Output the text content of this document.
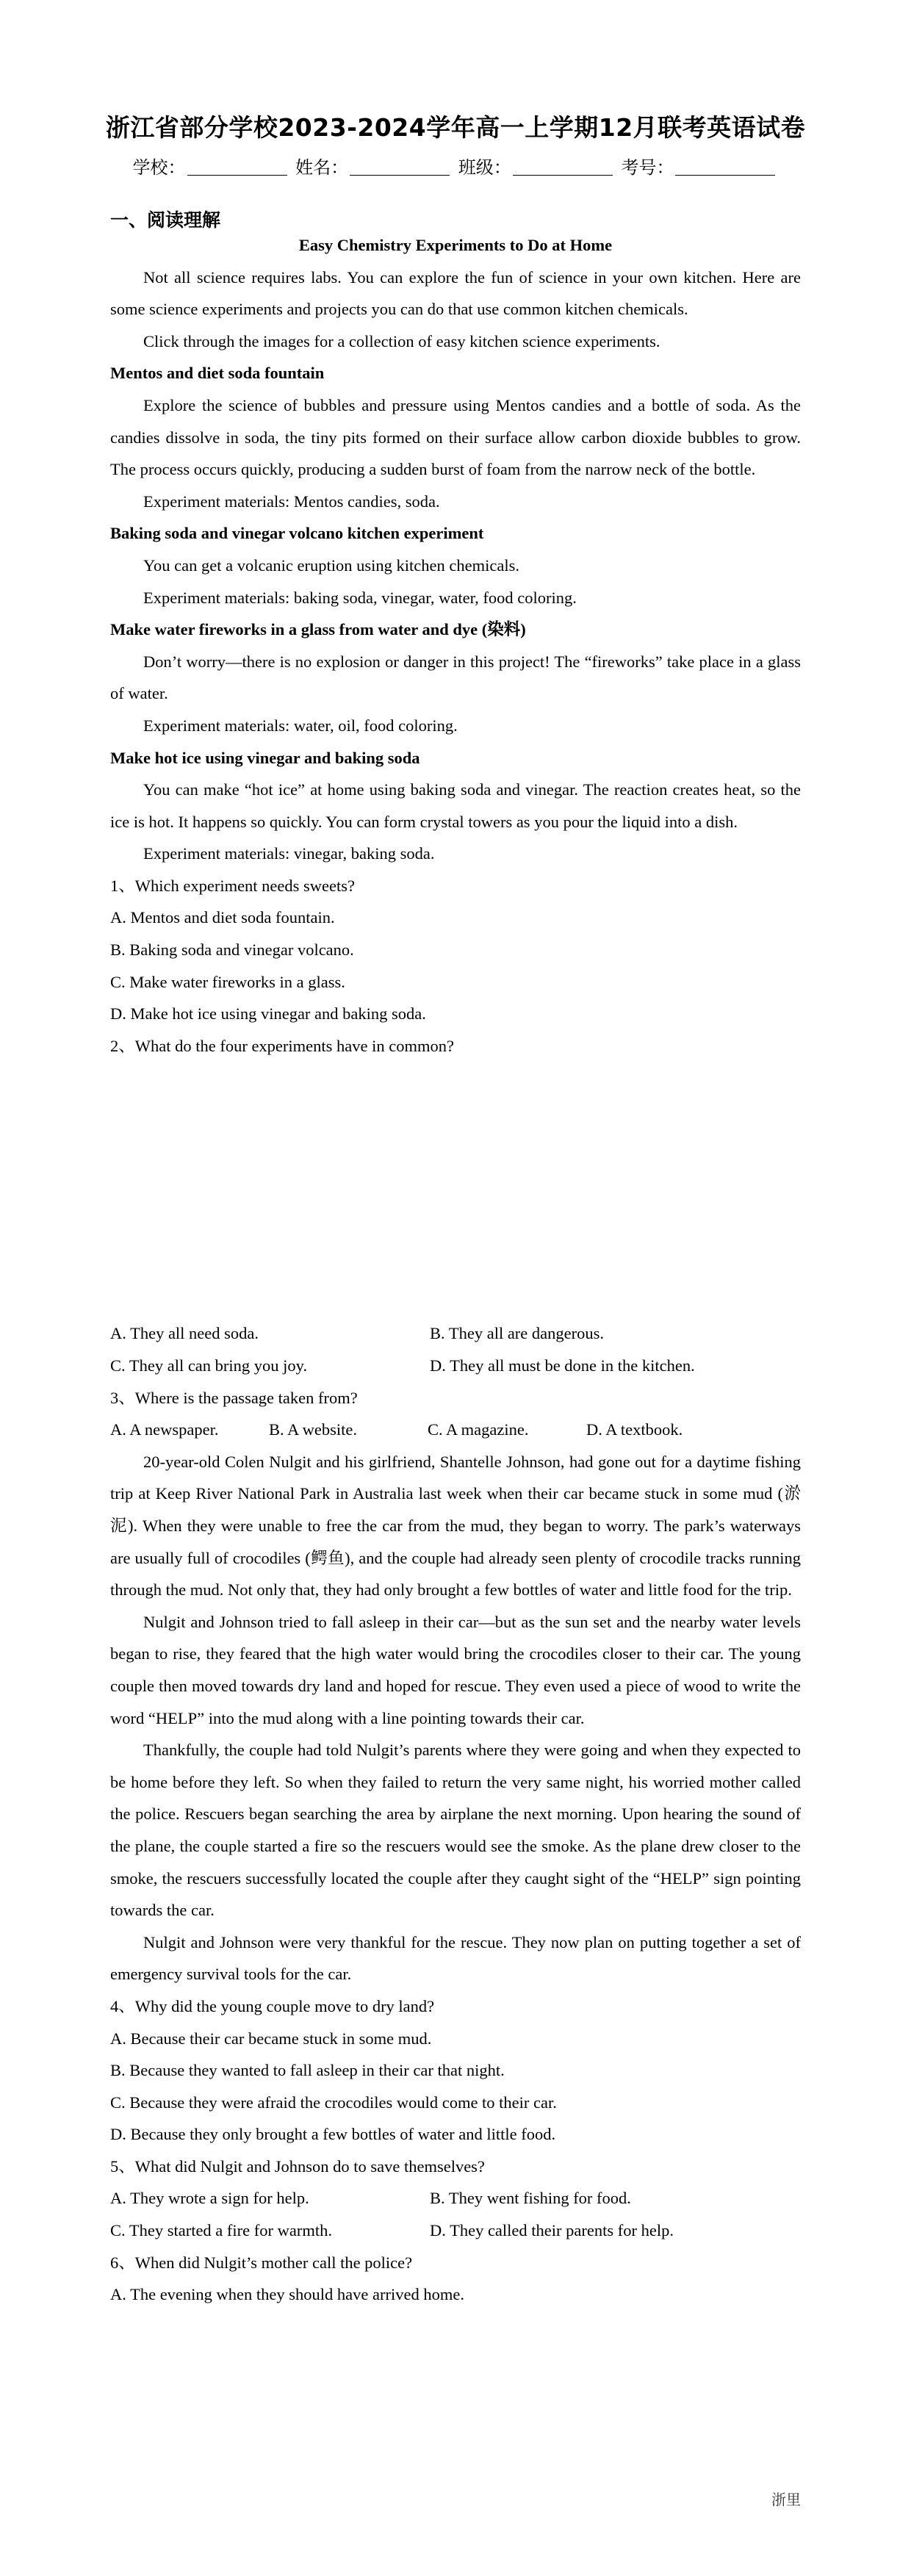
浙江省部分学校2023-2024学年高一上学期12月联考英语试卷
学校：	姓名：	班级：	考号：
一、阅读理解

Easy Chemistry Experiments to Do at Home

Not all science requires labs. You can explore the fun of science in your own kitchen. Here are some science experiments and projects you can do that use common kitchen chemicals.

Click through the images for a collection of easy kitchen science experiments.

Mentos and diet soda fountain

Explore the science of bubbles and pressure using Mentos candies and a bottle of soda. As the candies dissolve in soda, the tiny pits formed on their surface allow carbon dioxide bubbles to grow. The process occurs quickly, producing a sudden burst of foam from the narrow neck of the bottle.

Experiment materials: Mentos candies, soda.

Baking soda and vinegar volcano kitchen experiment

You can get a volcanic eruption using kitchen chemicals.

Experiment materials: baking soda, vinegar, water, food coloring.

Make water fireworks in a glass from water and dye (染料)

Don’t worry—there is no explosion or danger in this project! The “fireworks” take place in a glass of water.

Experiment materials: water, oil, food coloring.

Make hot ice using vinegar and baking soda

You can make “hot ice” at home using baking soda and vinegar. The reaction creates heat, so the ice is hot. It happens so quickly. You can form crystal towers as you pour the liquid into a dish.

Experiment materials: vinegar, baking soda.

1、Which experiment needs sweets?

A. Mentos and diet soda fountain.

B. Baking soda and vinegar volcano.

C. Make water fireworks in a glass.

D. Make hot ice using vinegar and baking soda.

2、What do the four experiments have in common?

A. They all need soda.	B. They all are dangerous.
C. They all can bring you joy.	D. They all must be done in the kitchen.

3、Where is the passage taken from?

A. A newspaper.	B. A website.	C. A magazine.	D. A textbook.

20-year-old Colen Nulgit and his girlfriend, Shantelle Johnson, had gone out for a daytime fishing trip at Keep River National Park in Australia last week when their car became stuck in some mud (淤泥). When they were unable to free the car from the mud, they began to worry. The park’s waterways are usually full of crocodiles (鳄鱼), and the couple had already seen plenty of crocodile tracks running through the mud. Not only that, they had only brought a few bottles of water and little food for the trip.

Nulgit and Johnson tried to fall asleep in their car—but as the sun set and the nearby water levels began to rise, they feared that the high water would bring the crocodiles closer to their car. The young couple then moved towards dry land and hoped for rescue. They even used a piece of wood to write the word “HELP” into the mud along with a line pointing towards their car.

Thankfully, the couple had told Nulgit’s parents where they were going and when they expected to be home before they left. So when they failed to return the very same night, his worried mother called the police. Rescuers began searching the area by airplane the next morning. Upon hearing the sound of the plane, the couple started a fire so the rescuers would see the smoke. As the plane drew closer to the smoke, the rescuers successfully located the couple after they caught sight of the “HELP” sign pointing towards the car.

Nulgit and Johnson were very thankful for the rescue. They now plan on putting together a set of emergency survival tools for the car.

4、Why did the young couple move to dry land?

A. Because their car became stuck in some mud.

B. Because they wanted to fall asleep in their car that night.

C. Because they were afraid the crocodiles would come to their car.

D. Because they only brought a few bottles of water and little food.

5、What did Nulgit and Johnson do to save themselves?

A. They wrote a sign for help.	B. They went fishing for food.
C. They started a fire for warmth.	D. They called their parents for help.

6、When did Nulgit’s mother call the police?

A. The evening when they should have arrived home.

浙里
